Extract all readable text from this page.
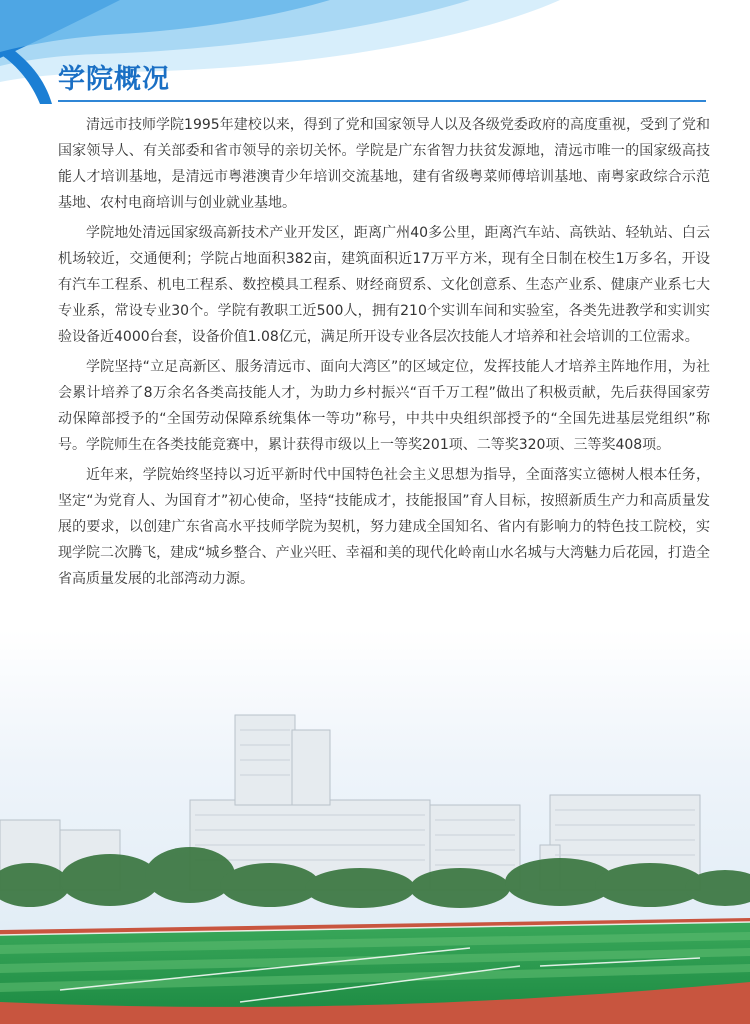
学院概况

清远市技师学院1995年建校以来，得到了党和国家领导人以及各级党委政府的高度重视，受到了党和国家领导人、有关部委和省市领导的亲切关怀。学院是广东省智力扶贫发源地，清远市唯一的国家级高技能人才培训基地，是清远市粤港澳青少年培训交流基地，建有省级粤菜师傅培训基地、南粤家政综合示范基地、农村电商培训与创业就业基地。

学院地处清远国家级高新技术产业开发区，距离广州40多公里，距离汽车站、高铁站、轻轨站、白云机场较近，交通便利；学院占地面积382亩，建筑面积近17万平方米，现有全日制在校生1万多名，开设有汽车工程系、机电工程系、数控模具工程系、财经商贸系、文化创意系、生态产业系、健康产业系七大专业系，常设专业30个。学院有教职工近500人，拥有210个实训车间和实验室，各类先进教学和实训实验设备近4000台套，设备价值1.08亿元，满足所开设专业各层次技能人才培养和社会培训的工位需求。

学院坚持“立足高新区、服务清远市、面向大湾区”的区域定位，发挥技能人才培养主阵地作用，为社会累计培养了8万余名各类高技能人才，为助力乡村振兴“百千万工程”做出了积极贡献，先后获得国家劳动保障部授予的“全国劳动保障系统集体一等功”称号，中共中央组织部授予的“全国先进基层党组织”称号。学院师生在各类技能竞赛中，累计获得市级以上一等奖201项、二等奖320项、三等奖408项。

近年来，学院始终坚持以习近平新时代中国特色社会主义思想为指导，全面落实立德树人根本任务，坚定“为党育人、为国育才”初心使命，坚持“技能成才，技能报国”育人目标，按照新质生产力和高质量发展的要求，以创建广东省高水平技师学院为契机，努力建成全国知名、省内有影响力的特色技工院校，实现学院二次腾飞，建成“城乡整合、产业兴旺、幸福和美的现代化岭南山水名城与大湾魅力后花园，打造全省高质量发展的北部湾动力源。
